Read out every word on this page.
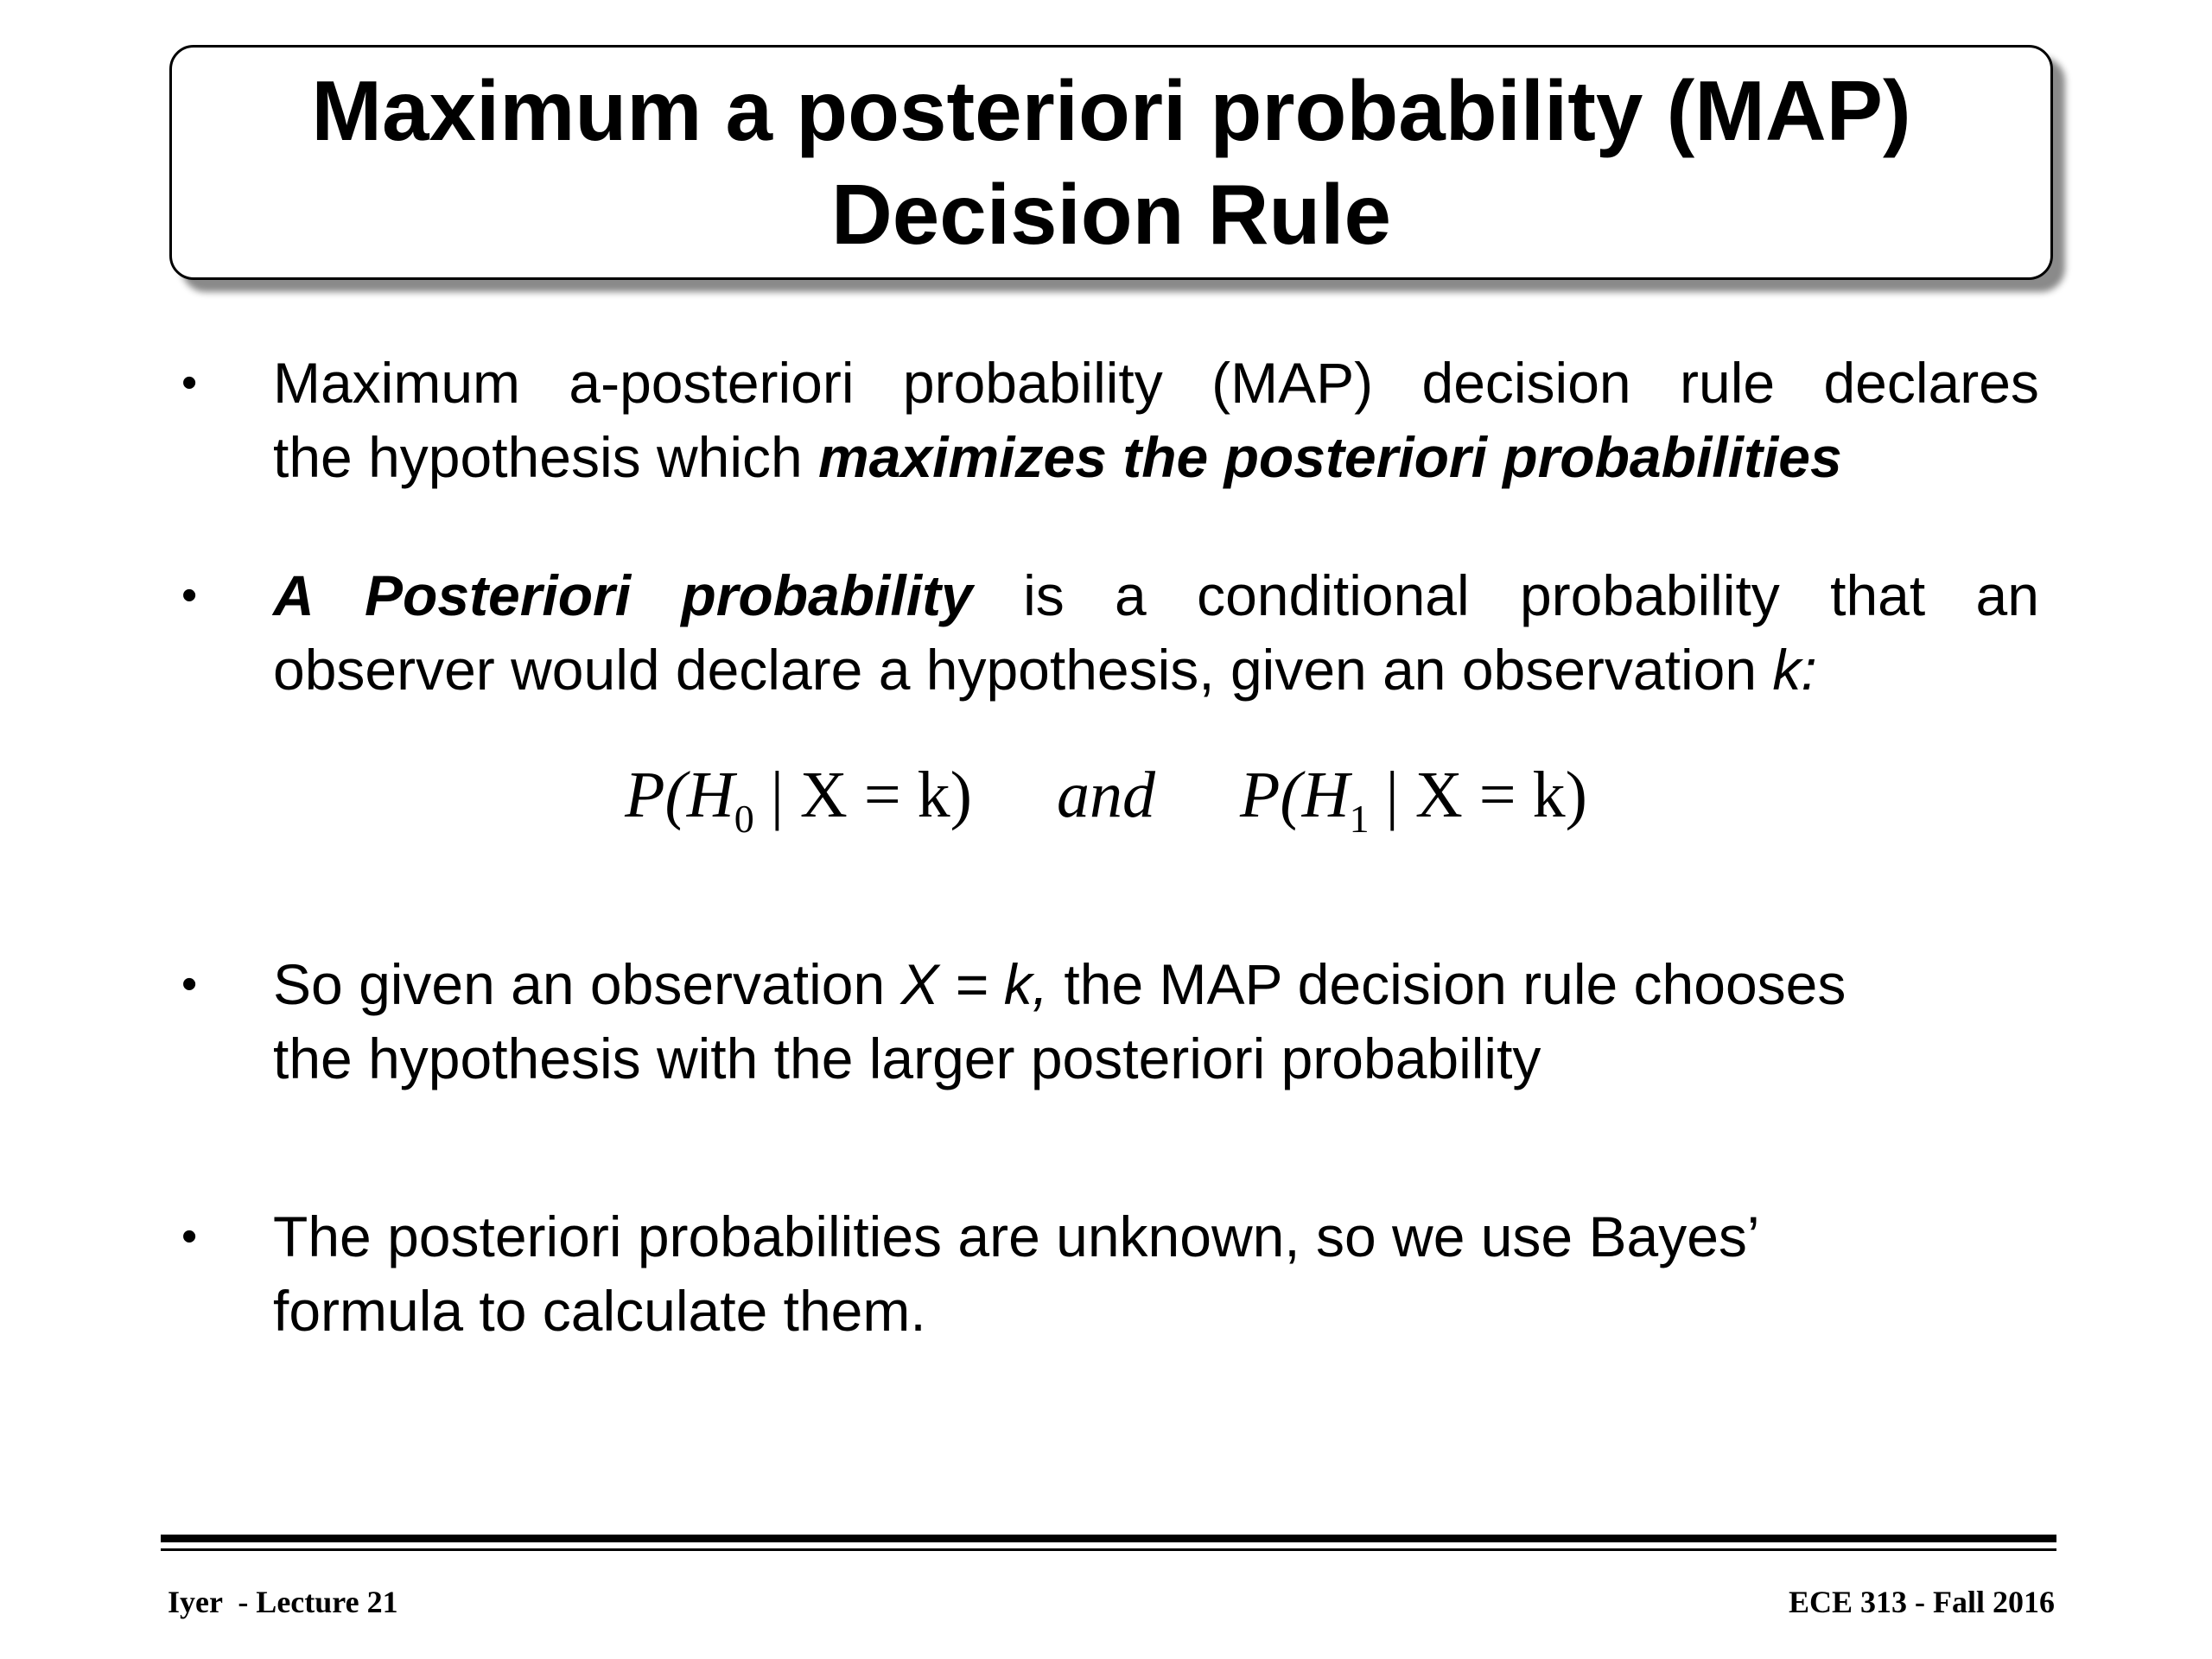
Maximum a posteriori probability (MAP)
Decision Rule
• Maximum a-posteriori probability (MAP) decision rule declares
the hypothesis which maximizes the posteriori probabilities
• A Posteriori probability is a conditional probability that an
observer would declare a hypothesis, given an observation k:
$P(H_0$ | X = k) and $P(H_1$ | X = k)
• So given an observation X = k, the MAP decision rule chooses
the hypothesis with the larger posteriori probability
• The posteriori probabilities are unknown, so we use Bayes’
formula to calculate them.
Iyer  - Lecture 21	ECE 313 - Fall 2016
